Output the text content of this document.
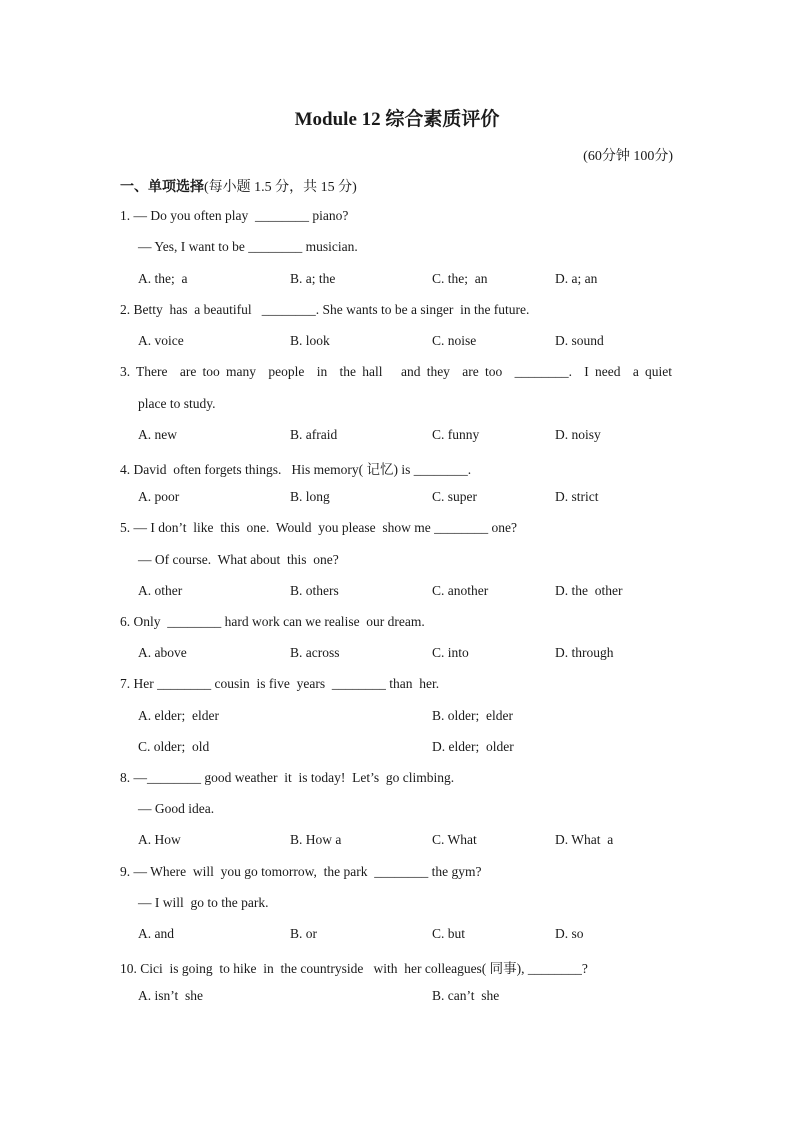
Module 12 综合素质评价
(60分钟 100分)
一、单项选择(每小题 1.5 分，共 15 分)
1. — Do you often play  ________ piano?
— Yes, I want to be ________ musician.
A. the;  a	B. a; the	C. the;  an	D. a; an
2. Betty  has  a beautiful   ________. She wants to be a singer  in the future.
A. voice	B. look	C. noise	D. sound
3. There  are too many  people  in  the hall   and they  are too  ________.  I need  a quiet
place to study.
A. new	B. afraid	C. funny	D. noisy
4. David  often forgets things.   His memory( 记忆) is ________.
A. poor	B. long	C. super	D. strict
5. — I don’t  like  this  one.  Would  you please  show me ________ one?
— Of course.  What about  this  one?
A. other	B. others	C. another	D. the  other
6. Only  ________ hard work can we realise  our dream.
A. above	B. across	C. into	D. through
7. Her ________ cousin  is five  years  ________ than  her.
A. elder;  elder	B. older;  elder
C. older;  old	D. elder;  older
8. —________ good weather  it  is today!  Let’s  go climbing.
— Good idea.
A. How	B. How a	C. What	D. What  a
9. — Where  will  you go tomorrow,  the park  ________ the gym?
— I will  go to the park.
A. and	B. or	C. but	D. so
10. Cici  is going  to hike  in  the countryside   with  her colleagues( 同事), ________?
A. isn’t  she	B. can’t  she
